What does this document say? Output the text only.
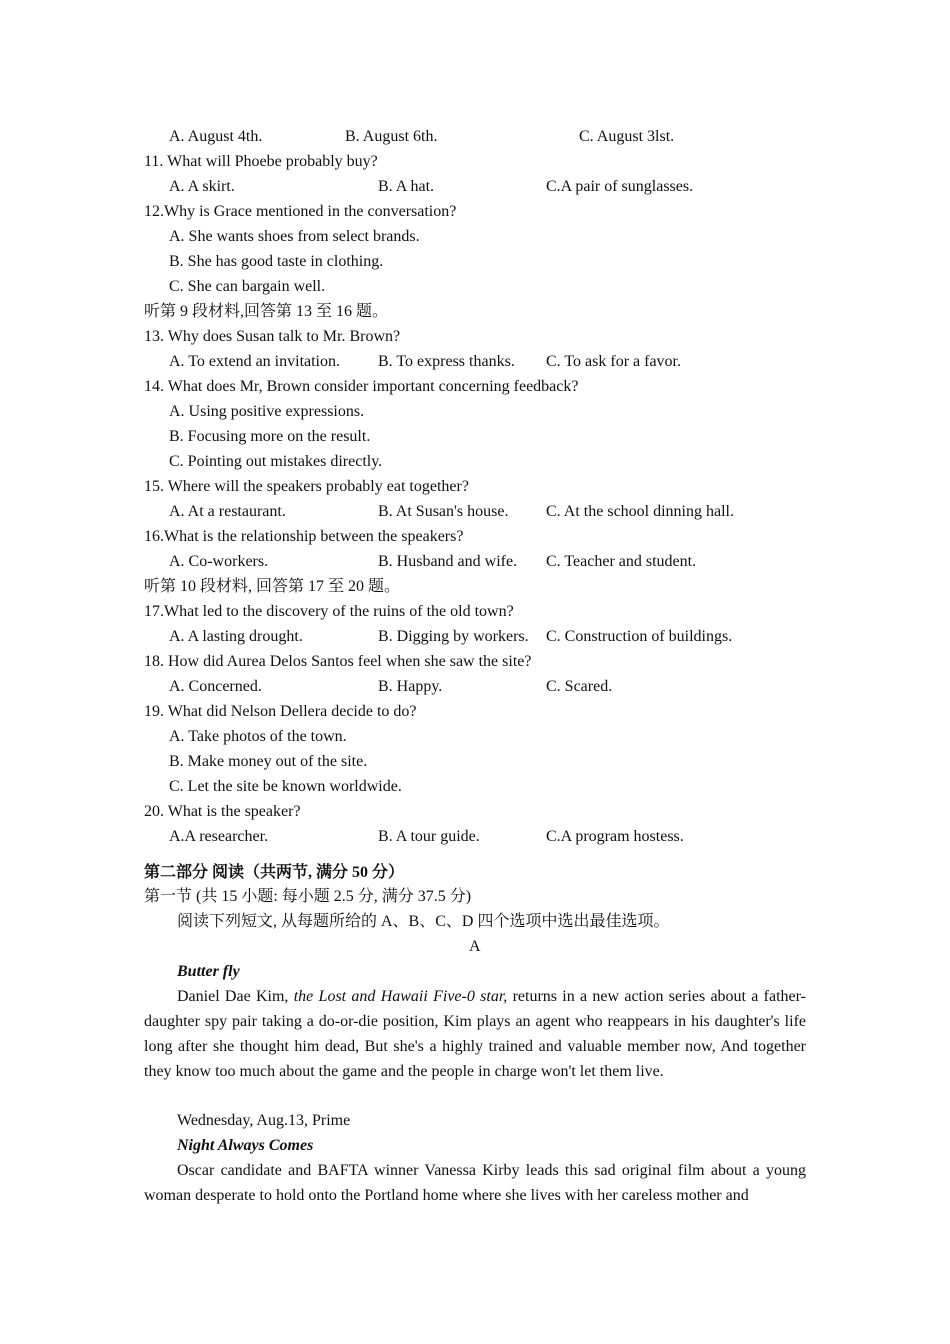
A. August 4th.	B. August 6th.	C. August 3lst.
11. What will Phoebe probably buy?
A. A skirt.	B. A hat.	C.A pair of sunglasses.
12.Why is Grace mentioned in the conversation?
A. She wants shoes from select brands.
B. She has good taste in clothing.
C. She can bargain well.
听第 9 段材料,回答第 13 至 16 题。
13. Why does Susan talk to Mr. Brown?
A. To extend an invitation. B. To express thanks. C. To ask for a favor.
14. What does Mr, Brown consider important concerning feedback?
A. Using positive expressions.
B. Focusing more on the result.
C. Pointing out mistakes directly.
15. Where will the speakers probably eat together?
A. At a restaurant.	B. At Susan's house. C. At the school dinning hall.
16.What is the relationship between the speakers?
A. Co-workers.	B. Husband and wife. C. Teacher and student.
听第 10 段材料, 回答第 17 至 20 题。
17.What led to the discovery of the ruins of the old town?
A. A lasting drought.	B. Digging by workers. C. Construction of buildings.
18. How did Aurea Delos Santos feel when she saw the site?
A. Concerned.	B. Happy.	C. Scared.
19. What did Nelson Dellera decide to do?
A. Take photos of the town.
B. Make money out of the site.
C. Let the site be known worldwide.
20. What is the speaker?
A.A researcher.	B. A tour guide.	C.A program hostess.
第二部分 阅读（共两节, 满分 50 分）
第一节 (共 15 小题: 每小题 2.5 分, 满分 37.5 分)
阅读下列短文, 从每题所给的 A、B、C、D 四个选项中选出最佳选项。
A
Butter fly
Daniel Dae Kim, the Lost and Hawaii Five-0 star, returns in a new action series about a father-daughter spy pair taking a do-or-die position, Kim plays an agent who reappears in his daughter's life long after she thought him dead, But she's a highly trained and valuable member now, And together they know too much about the game and the people in charge won't let them live.
Wednesday, Aug.13, Prime
Night Always Comes
Oscar candidate and BAFTA winner Vanessa Kirby leads this sad original film about a young woman desperate to hold onto the Portland home where she lives with her careless mother and
